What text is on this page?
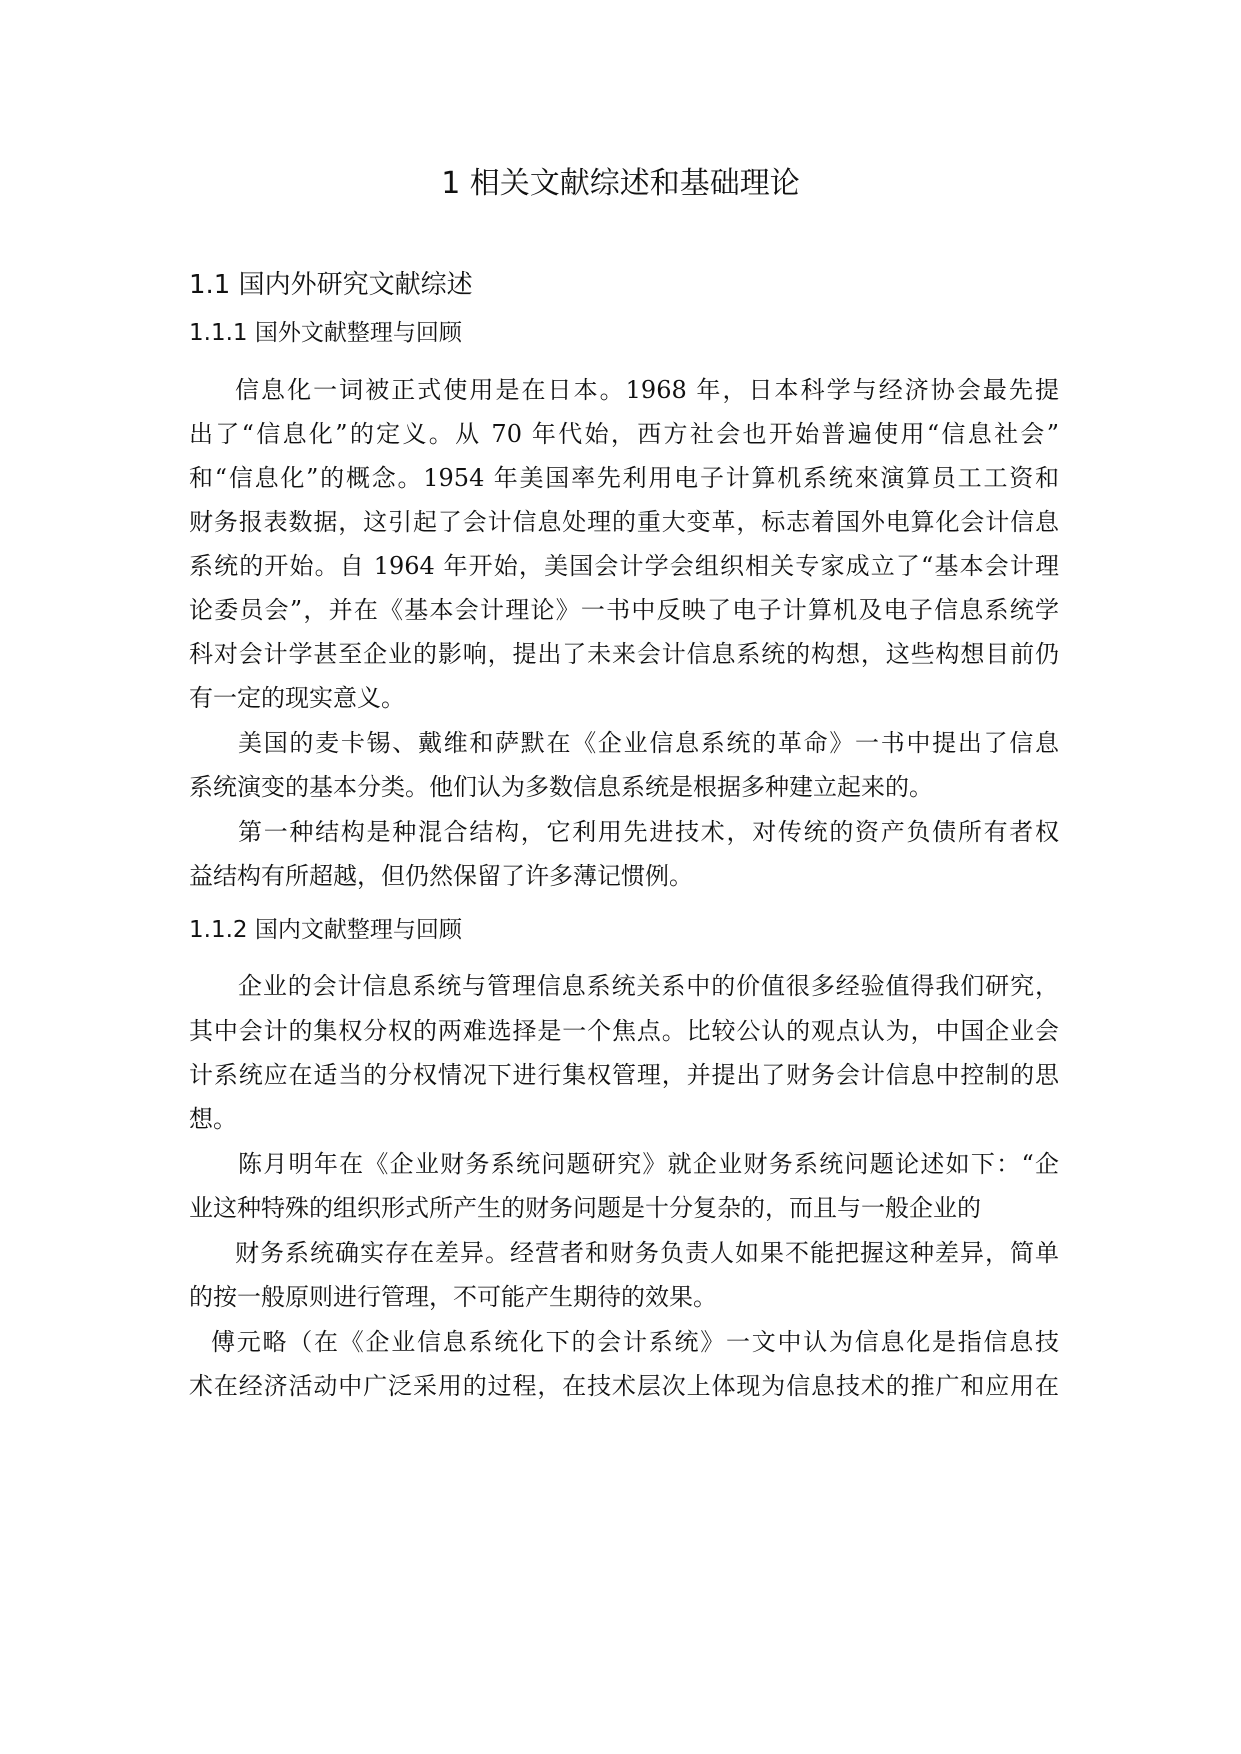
1 相关文献综述和基础理论
1.1 国内外研究文献综述
1.1.1 国外文献整理与回顾
信息化一词被正式使用是在日本。1968 年，日本科学与经济协会最先提
出了“信息化”的定义。从 70 年代始，西方社会也开始普遍使用“信息社会”
和“信息化”的概念。1954 年美国率先利用电子计算机系统來演算员工工资和
财务报表数据，这引起了会计信息处理的重大变革，标志着国外电算化会计信息
系统的开始。自 1964 年开始，美国会计学会组织相关专家成立了“基本会计理
论委员会”，并在《基本会计理论》一书中反映了电子计算机及电子信息系统学
科对会计学甚至企业的影响，提出了未来会计信息系统的构想，这些构想目前仍
有一定的现实意义。
美国的麦卡锡、戴维和萨默在《企业信息系统的革命》一书中提出了信息
系统演变的基本分类。他们认为多数信息系统是根据多种建立起来的。
第一种结构是种混合结构，它利用先进技术，对传统的资产负债所有者权
益结构有所超越，但仍然保留了许多薄记惯例。
1.1.2 国内文献整理与回顾
企业的会计信息系统与管理信息系统关系中的价值很多经验值得我们研究，
其中会计的集权分权的两难选择是一个焦点。比较公认的观点认为，中国企业会
计系统应在适当的分权情况下进行集权管理，并提出了财务会计信息中控制的思
想。
陈月明年在《企业财务系统问题研究》就企业财务系统问题论述如下：“企
业这种特殊的组织形式所产生的财务问题是十分复杂的，而且与一般企业的
财务系统确实存在差异。经营者和财务负责人如果不能把握这种差异，简单
的按一般原则进行管理，不可能产生期待的效果。
傅元略（在《企业信息系统化下的会计系统》一文中认为信息化是指信息技
术在经济活动中广泛采用的过程，在技术层次上体现为信息技术的推广和应用在
